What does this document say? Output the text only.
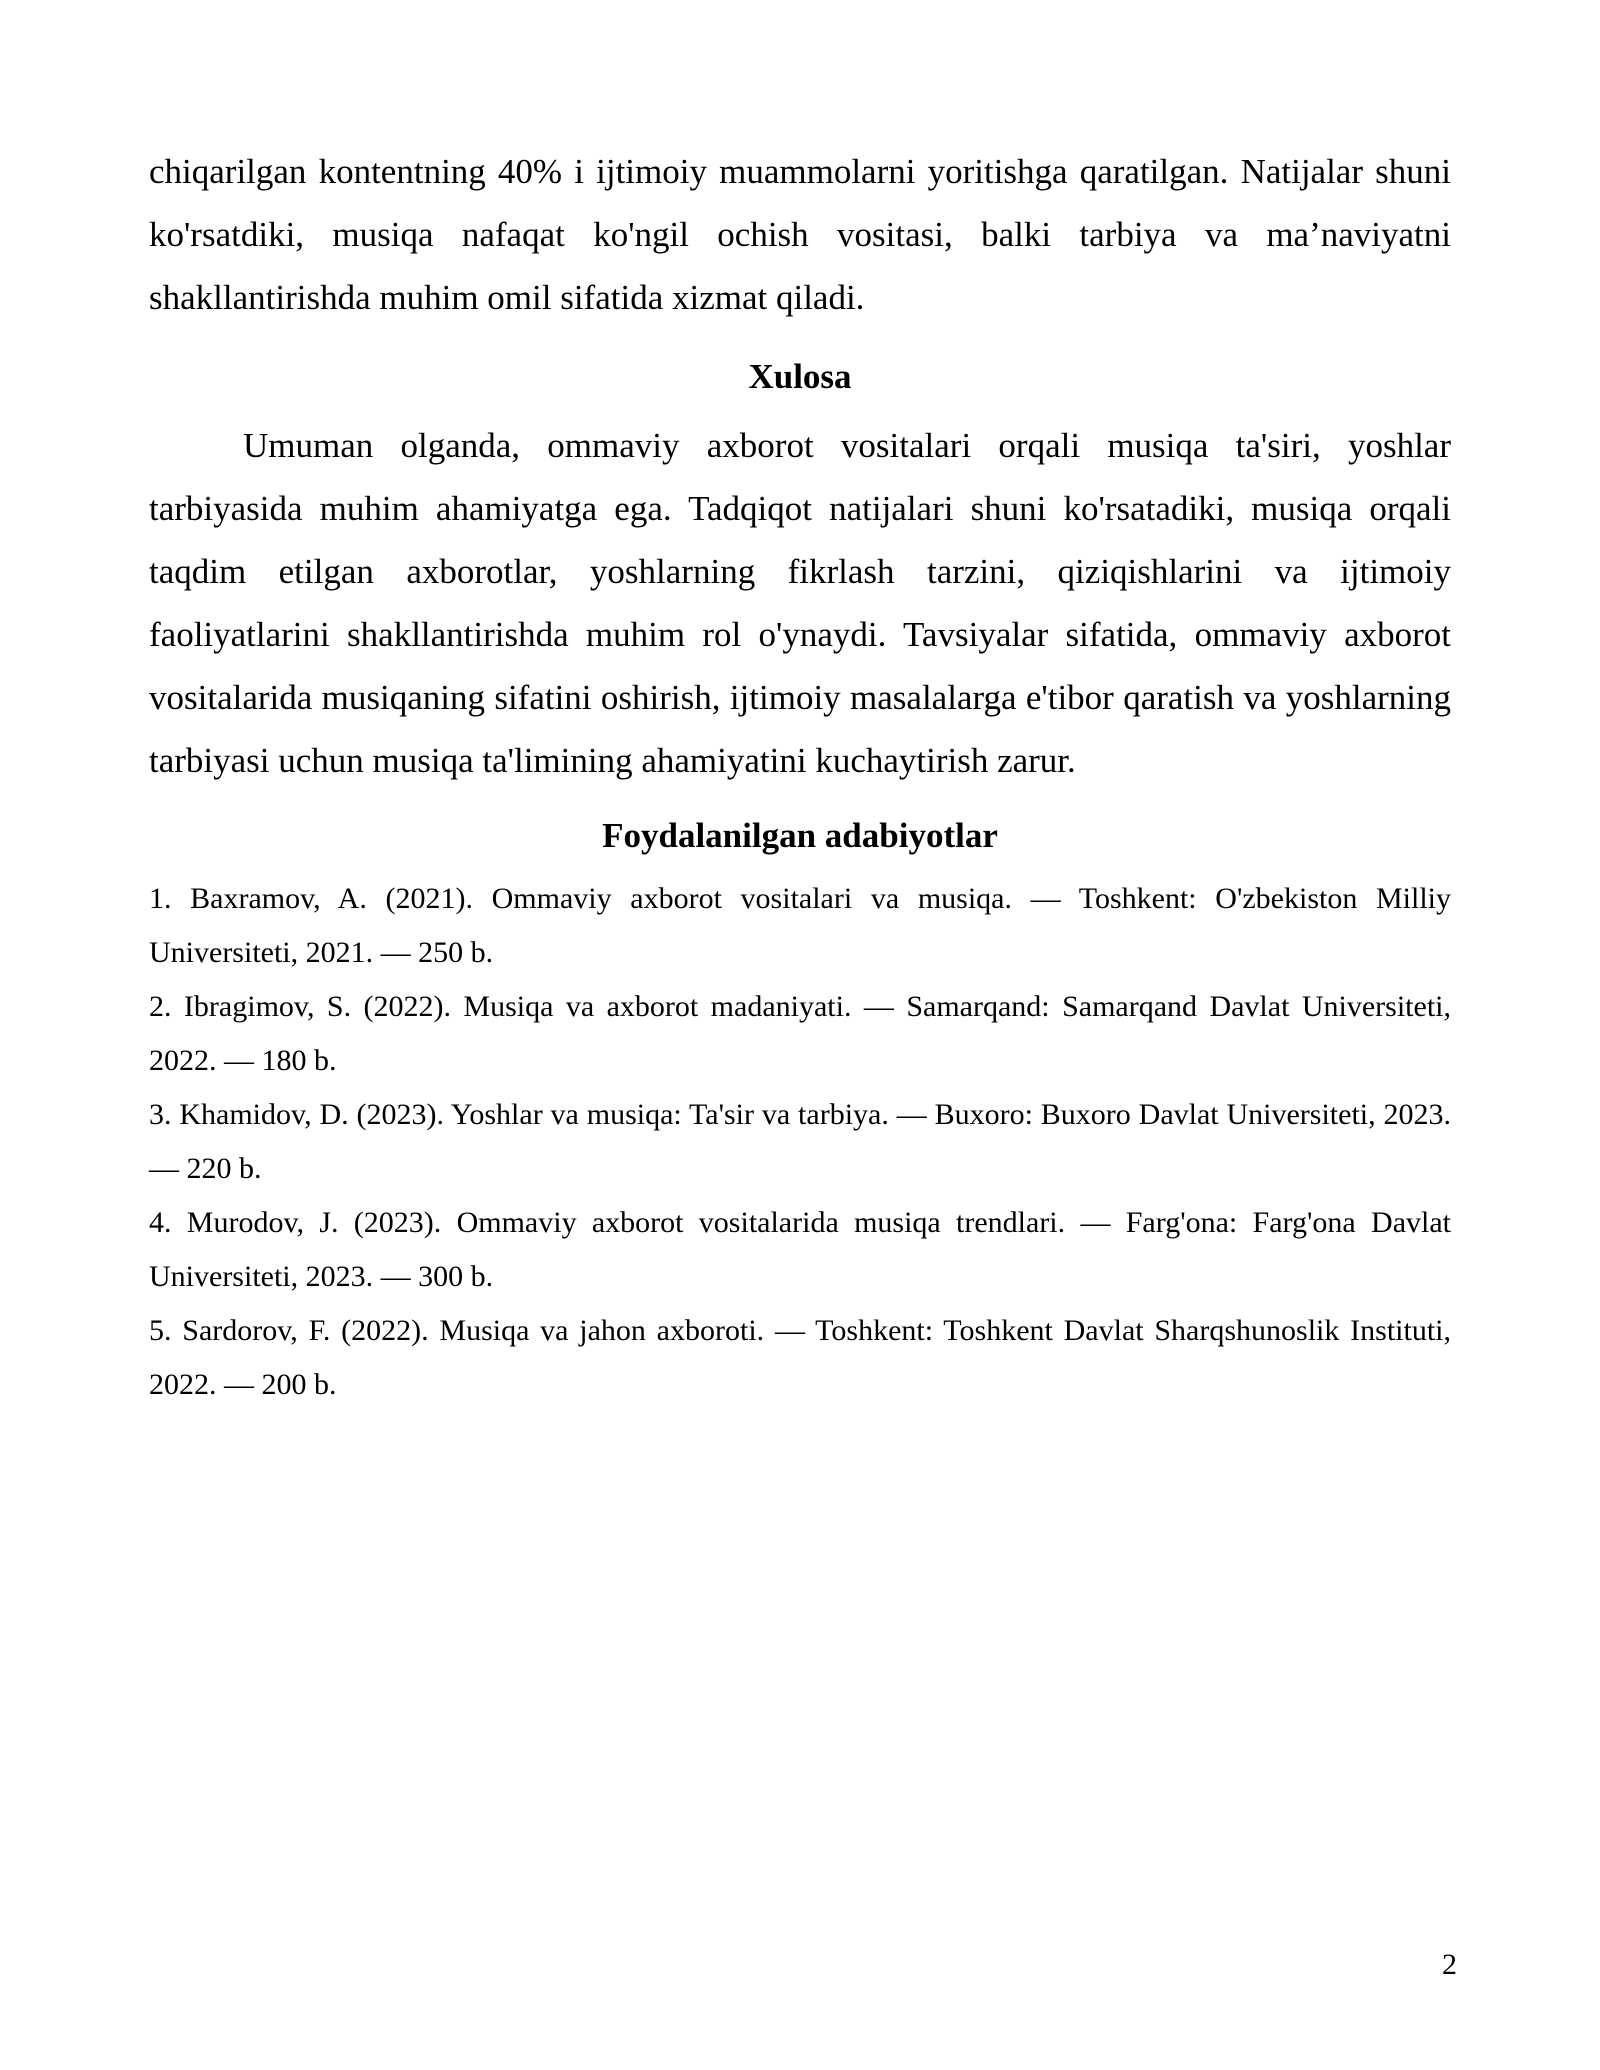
chiqarilgan kontentning 40% i ijtimoiy muammolarni yoritishga qaratilgan. Natijalar shuni ko'rsatdiki, musiqa nafaqat ko'ngil ochish vositasi, balki tarbiya va ma’naviyatni shakllantirishda muhim omil sifatida xizmat qiladi.

Xulosa

Umuman olganda, ommaviy axborot vositalari orqali musiqa ta'siri, yoshlar tarbiyasida muhim ahamiyatga ega. Tadqiqot natijalari shuni ko'rsatadiki, musiqa orqali taqdim etilgan axborotlar, yoshlarning fikrlash tarzini, qiziqishlarini va ijtimoiy faoliyatlarini shakllantirishda muhim rol o'ynaydi. Tavsiyalar sifatida, ommaviy axborot vositalarida musiqaning sifatini oshirish, ijtimoiy masalalarga e'tibor qaratish va yoshlarning tarbiyasi uchun musiqa ta'limining ahamiyatini kuchaytirish zarur.

Foydalanilgan adabiyotlar
1. Baxramov, A. (2021). Ommaviy axborot vositalari va musiqa. — Toshkent: O'zbekiston Milliy Universiteti, 2021. — 250 b.
2. Ibragimov, S. (2022). Musiqa va axborot madaniyati. — Samarqand: Samarqand Davlat Universiteti, 2022. — 180 b.
3. Khamidov, D. (2023). Yoshlar va musiqa: Ta'sir va tarbiya. — Buxoro: Buxoro Davlat Universiteti, 2023. — 220 b.
4. Murodov, J. (2023). Ommaviy axborot vositalarida musiqa trendlari. — Farg'ona: Farg'ona Davlat Universiteti, 2023. — 300 b.
5. Sardorov, F. (2022). Musiqa va jahon axboroti. — Toshkent: Toshkent Davlat Sharqshunoslik Instituti, 2022. — 200 b.
2
